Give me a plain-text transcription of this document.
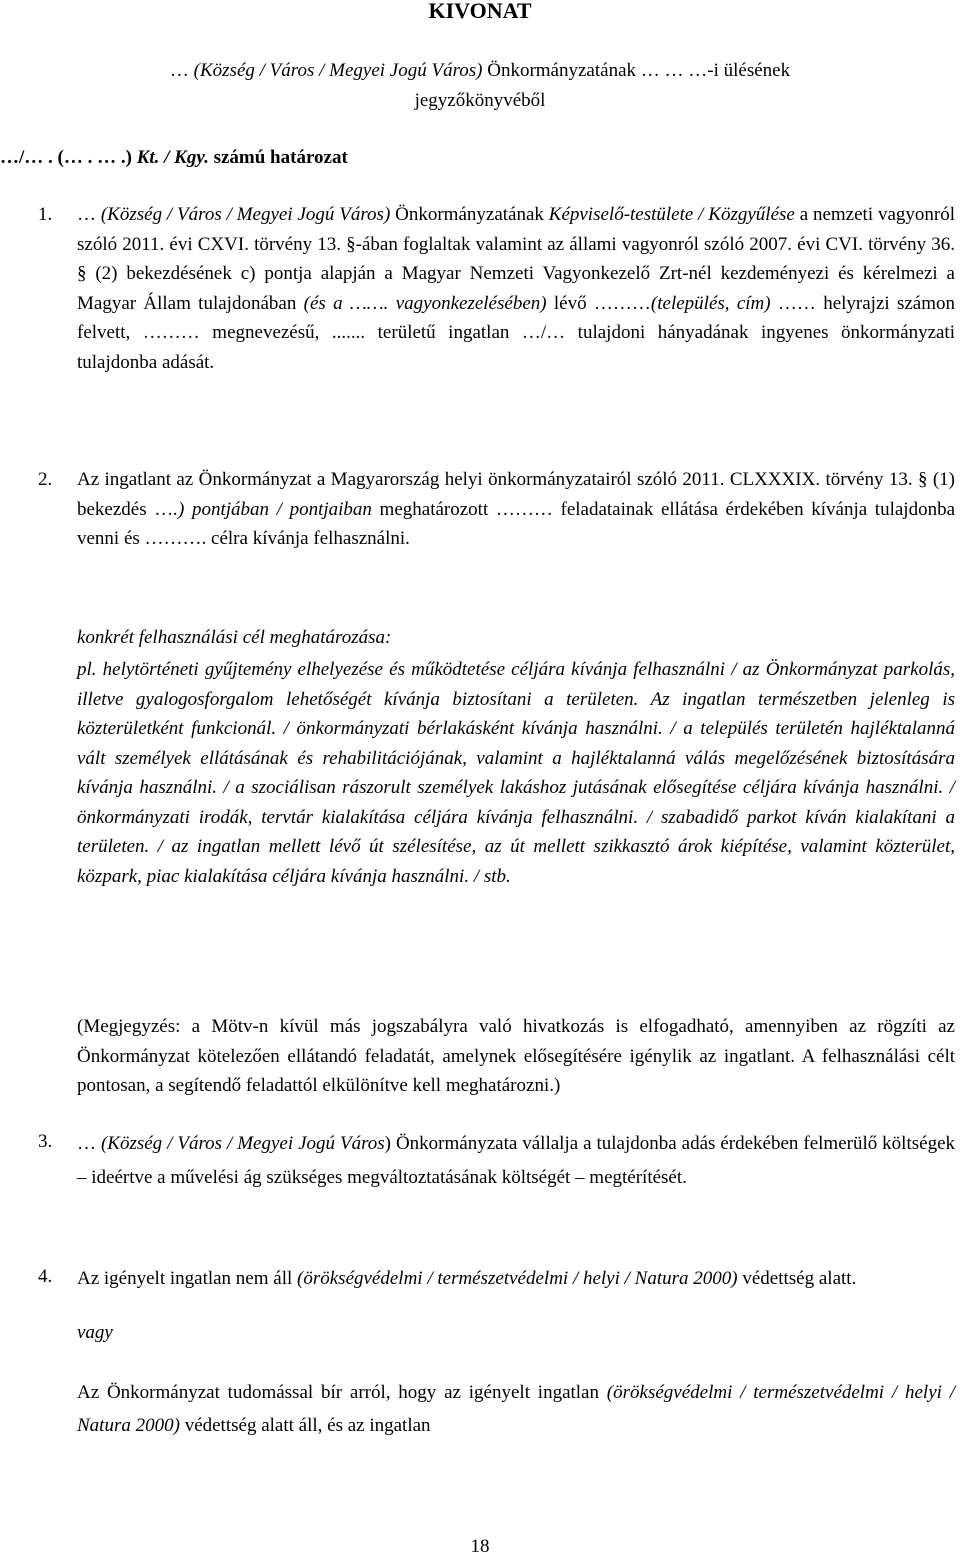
KIVONAT
… (Község / Város / Megyei Jogú Város) Önkormányzatának … … …-i ülésének
jegyzőkönyvéből
…/… . (… . … .) Kt. / Kgy. számú határozat
1. … (Község / Város / Megyei Jogú Város) Önkormányzatának Képviselő-testülete / Közgyűlése a nemzeti vagyonról szóló 2011. évi CXVI. törvény 13. §-ában foglaltak valamint az állami vagyonról szóló 2007. évi CVI. törvény 36. § (2) bekezdésének c) pontja alapján a Magyar Nemzeti Vagyonkezelő Zrt-nél kezdeményezi és kérelmezi a Magyar Állam tulajdonában (és a ……. vagyonkezelésében) lévő ………(település, cím) …… helyrajzi számon felvett, ……… megnevezésű, ....... területű ingatlan …/… tulajdoni hányadának ingyenes önkormányzati tulajdonba adását.

2. Az ingatlant az Önkormányzat a Magyarország helyi önkormányzatairól szóló 2011. CLXXXIX. törvény 13. § (1) bekezdés ….) pontjában / pontjaiban meghatározott ……… feladatainak ellátása érdekében kívánja tulajdonba venni és ………. célra kívánja felhasználni.

konkrét felhasználási cél meghatározása:
pl. helytörténeti gyűjtemény elhelyezése és működtetése céljára kívánja felhasználni / az Önkormányzat parkolás, illetve gyalogosforgalom lehetőségét kívánja biztosítani a területen. Az ingatlan természetben jelenleg is közterületként funkcionál. / önkormányzati bérlakásként kívánja használni. / a település területén hajléktalanná vált személyek ellátásának és rehabilitációjának, valamint a hajléktalanná válás megelőzésének biztosítására kívánja használni. / a szociálisan rászorult személyek lakáshoz jutásának elősegítése céljára kívánja használni. / önkormányzati irodák, tervtár kialakítása céljára kívánja felhasználni. / szabadidő parkot kíván kialakítani a területen. / az ingatlan mellett lévő út szélesítése, az út mellett szikkasztó árok kiépítése, valamint közterület, közpark, piac kialakítása céljára kívánja használni. / stb.
(Megjegyzés: a Mötv-n kívül más jogszabályra való hivatkozás is elfogadható, amennyiben az rögzíti az Önkormányzat kötelezően ellátandó feladatát, amelynek elősegítésére igénylik az ingatlant. A felhasználási célt pontosan, a segítendő feladattól elkülönítve kell meghatározni.)
3. … (Község / Város / Megyei Jogú Város) Önkormányzata vállalja a tulajdonba adás érdekében felmerülő költségek – ideértve a művelési ág szükséges megváltoztatásának költségét – megtérítését.

4. Az igényelt ingatlan nem áll (örökségvédelmi / természetvédelmi / helyi / Natura 2000) védettség alatt.

vagy
Az Önkormányzat tudomással bír arról, hogy az igényelt ingatlan (örökségvédelmi / természetvédelmi / helyi / Natura 2000) védettség alatt áll, és az ingatlan
18
